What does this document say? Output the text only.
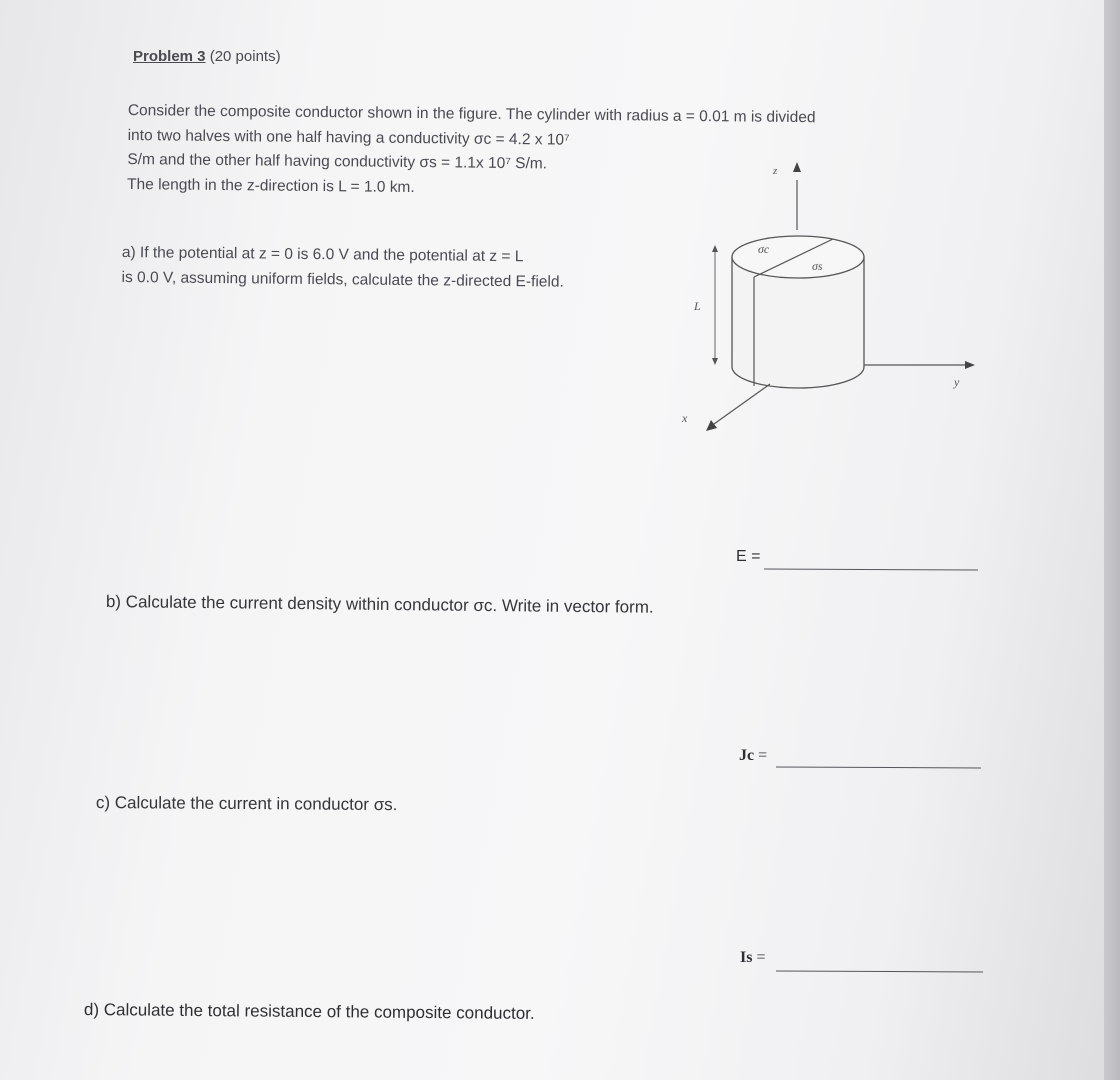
Problem 3 (20 points)
Consider the composite conductor shown in the figure. The cylinder with radius a = 0.01 m is divided
into two halves with one half having a conductivity σc = 4.2 x 10⁷
S/m and the other half having conductivity σs = 1.1x 10⁷ S/m.
The length in the z-direction is L = 1.0 km.
a) If the potential at z = 0 is 6.0 V and the potential at z = L
is 0.0 V, assuming uniform fields, calculate the z-directed E-field.
z
σc
σs
y
x
L
E =
b) Calculate the current density within conductor σc. Write in vector form.
Jc =
c) Calculate the current in conductor σs.
Is =
d) Calculate the total resistance of the composite conductor.
